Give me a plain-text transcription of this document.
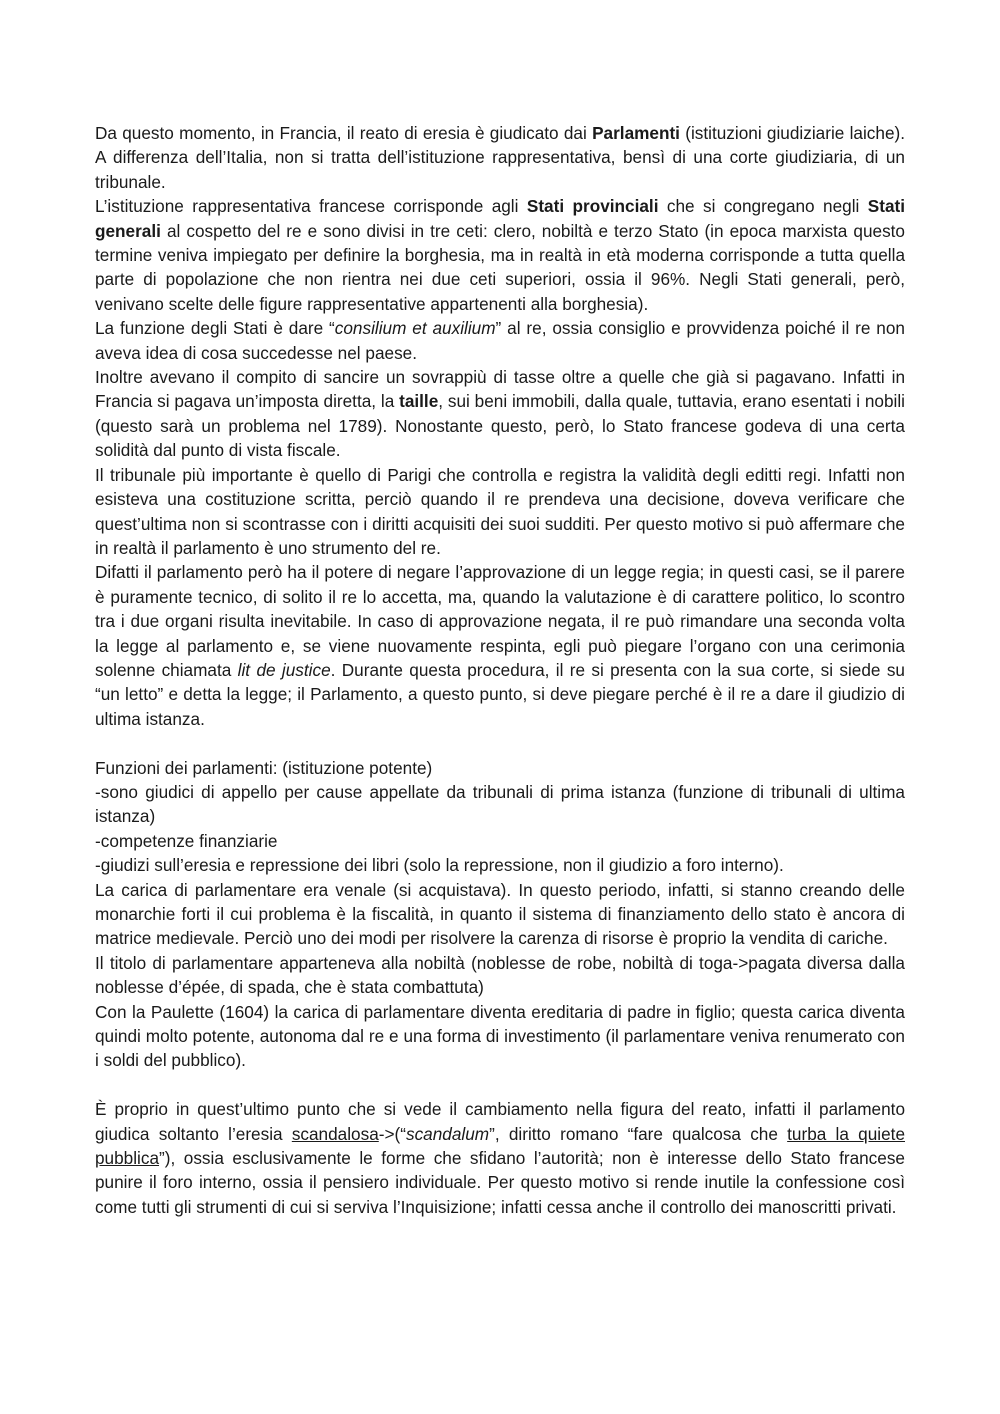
Da questo momento, in Francia, il reato di eresia è giudicato dai Parlamenti (istituzioni giudiziarie laiche). A differenza dell’Italia, non si tratta dell’istituzione rappresentativa, bensì di una corte giudiziaria, di un tribunale.

L’istituzione rappresentativa francese corrisponde agli Stati provinciali che si congregano negli Stati generali al cospetto del re e sono divisi in tre ceti: clero, nobiltà e terzo Stato (in epoca marxista questo termine veniva impiegato per definire la borghesia, ma in realtà in età moderna corrisponde a tutta quella parte di popolazione che non rientra nei due ceti superiori, ossia il 96%. Negli Stati generali, però, venivano scelte delle figure rappresentative appartenenti alla borghesia).

La funzione degli Stati è dare “consilium et auxilium” al re, ossia consiglio e provvidenza poiché il re non aveva idea di cosa succedesse nel paese.

Inoltre avevano il compito di sancire un sovrappiù di tasse oltre a quelle che già si pagavano. Infatti in Francia si pagava un’imposta diretta, la taille, sui beni immobili, dalla quale, tuttavia, erano esentati i nobili (questo sarà un problema nel 1789). Nonostante questo, però, lo Stato francese godeva di una certa solidità dal punto di vista fiscale.

Il tribunale più importante è quello di Parigi che controlla e registra la validità degli editti regi. Infatti non esisteva una costituzione scritta, perciò quando il re prendeva una decisione, doveva verificare che quest’ultima non si scontrasse con i diritti acquisiti dei suoi sudditi. Per questo motivo si può affermare che in realtà il parlamento è uno strumento del re.

Difatti il parlamento però ha il potere di negare l’approvazione di un legge regia; in questi casi, se il parere è puramente tecnico, di solito il re lo accetta, ma, quando la valutazione è di carattere politico, lo scontro tra i due organi risulta inevitabile. In caso di approvazione negata, il re può rimandare una seconda volta la legge al parlamento e, se viene nuovamente respinta, egli può piegare l’organo con una cerimonia solenne chiamata lit de justice. Durante questa procedura, il re si presenta con la sua corte, si siede su “un letto” e detta la legge; il Parlamento, a questo punto, si deve piegare perché è il re a dare il giudizio di ultima istanza.

Funzioni dei parlamenti: (istituzione potente)

-sono giudici di appello per cause appellate da tribunali di prima istanza (funzione di tribunali di ultima istanza)

-competenze finanziarie

-giudizi sull’eresia e repressione dei libri (solo la repressione, non il giudizio a foro interno).

La carica di parlamentare era venale (si acquistava). In questo periodo, infatti, si stanno creando delle monarchie forti il cui problema è la fiscalità, in quanto il sistema di finanziamento dello stato è ancora di matrice medievale. Perciò uno dei modi per risolvere la carenza di risorse è proprio la vendita di cariche.

Il titolo di parlamentare apparteneva alla nobiltà (noblesse de robe, nobiltà di toga->pagata diversa dalla noblesse d’épée, di spada, che è stata combattuta)

Con la Paulette (1604) la carica di parlamentare diventa ereditaria di padre in figlio; questa carica diventa quindi molto potente, autonoma dal re e una forma di investimento (il parlamentare veniva renumerato con i soldi del pubblico).

È proprio in quest’ultimo punto che si vede il cambiamento nella figura del reato, infatti il parlamento giudica soltanto l’eresia scandalosa->(“scandalum”, diritto romano “fare qualcosa che turba la quiete pubblica”), ossia esclusivamente le forme che sfidano l’autorità; non è interesse dello Stato francese punire il foro interno, ossia il pensiero individuale. Per questo motivo si rende inutile la confessione così come tutti gli strumenti di cui si serviva l’Inquisizione; infatti cessa anche il controllo dei manoscritti privati.
